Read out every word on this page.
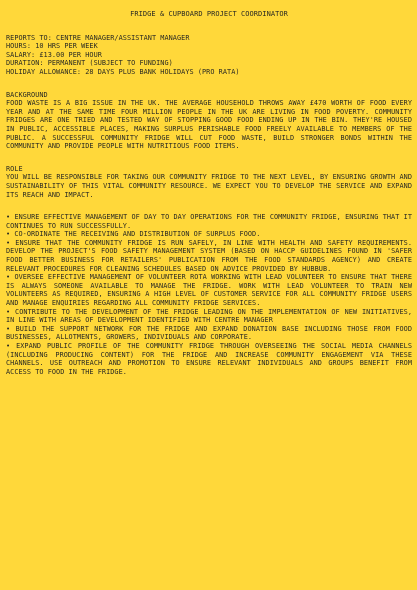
FRIDGE & CUPBOARD PROJECT COORDINATOR

REPORTS TO: CENTRE MANAGER/ASSISTANT MANAGER

HOURS: 10 HRS PER WEEK

SALARY: £13.00 PER HOUR

DURATION: PERMANENT (SUBJECT TO FUNDING)

HOLIDAY ALLOWANCE: 28 DAYS PLUS BANK HOLIDAYS (PRO RATA)

BACKGROUND

FOOD WASTE IS A BIG ISSUE IN THE UK. THE AVERAGE HOUSEHOLD THROWS AWAY £470 WORTH OF FOOD EVERY YEAR AND AT THE SAME TIME FOUR MILLION PEOPLE IN THE UK ARE LIVING IN FOOD POVERTY. COMMUNITY FRIDGES ARE ONE TRIED AND TESTED WAY OF STOPPING GOOD FOOD ENDING UP IN THE BIN. THEY'RE HOUSED IN PUBLIC, ACCESSIBLE PLACES, MAKING SURPLUS PERISHABLE FOOD FREELY AVAILABLE TO MEMBERS OF THE PUBLIC. A SUCCESSFUL COMMUNITY FRIDGE WILL CUT FOOD WASTE, BUILD STRONGER BONDS WITHIN THE COMMUNITY AND PROVIDE PEOPLE WITH NUTRITIOUS FOOD ITEMS.

ROLE

YOU WILL BE RESPONSIBLE FOR TAKING OUR COMMUNITY FRIDGE TO THE NEXT LEVEL, BY ENSURING GROWTH AND SUSTAINABILITY OF THIS VITAL COMMUNITY RESOURCE. WE EXPECT YOU TO DEVELOP THE SERVICE AND EXPAND ITS REACH AND IMPACT.

• ENSURE EFFECTIVE MANAGEMENT OF DAY TO DAY OPERATIONS FOR THE COMMUNITY FRIDGE, ENSURING THAT IT CONTINUES TO RUN SUCCESSFULLY.
• CO-ORDINATE THE RECEIVING AND DISTRIBUTION OF SURPLUS FOOD.
• ENSURE THAT THE COMMUNITY FRIDGE IS RUN SAFELY, IN LINE WITH HEALTH AND SAFETY REQUIREMENTS. DEVELOP THE PROJECT'S FOOD SAFETY MANAGEMENT SYSTEM (BASED ON HACCP GUIDELINES FOUND IN 'SAFER FOOD BETTER BUSINESS FOR RETAILERS' PUBLICATION FROM THE FOOD STANDARDS AGENCY) AND CREATE RELEVANT PROCEDURES FOR CLEANING SCHEDULES BASED ON ADVICE PROVIDED BY HUBBUB.
• OVERSEE EFFECTIVE MANAGEMENT OF VOLUNTEER ROTA WORKING WITH LEAD VOLUNTEER TO ENSURE THAT THERE IS ALWAYS SOMEONE AVAILABLE TO MANAGE THE FRIDGE. WORK WITH LEAD VOLUNTEER TO TRAIN NEW VOLUNTEERS AS REQUIRED, ENSURING A HIGH LEVEL OF CUSTOMER SERVICE FOR ALL COMMUNITY FRIDGE USERS AND MANAGE ENQUIRIES REGARDING ALL COMMUNITY FRIDGE SERVICES.
• CONTRIBUTE TO THE DEVELOPMENT OF THE FRIDGE LEADING ON THE IMPLEMENTATION OF NEW INITIATIVES, IN LINE WITH AREAS OF DEVELOPMENT IDENTIFIED WITH CENTRE MANAGER
• BUILD THE SUPPORT NETWORK FOR THE FRIDGE AND EXPAND DONATION BASE INCLUDING THOSE FROM FOOD BUSINESSES, ALLOTMENTS, GROWERS, INDIVIDUALS AND CORPORATE.
• EXPAND PUBLIC PROFILE OF THE COMMUNITY FRIDGE THROUGH OVERSEEING THE SOCIAL MEDIA CHANNELS (INCLUDING PRODUCING CONTENT) FOR THE FRIDGE AND INCREASE COMMUNITY ENGAGEMENT VIA THESE CHANNELS. USE OUTREACH AND PROMOTION TO ENSURE RELEVANT INDIVIDUALS AND GROUPS BENEFIT FROM ACCESS TO FOOD IN THE FRIDGE.
